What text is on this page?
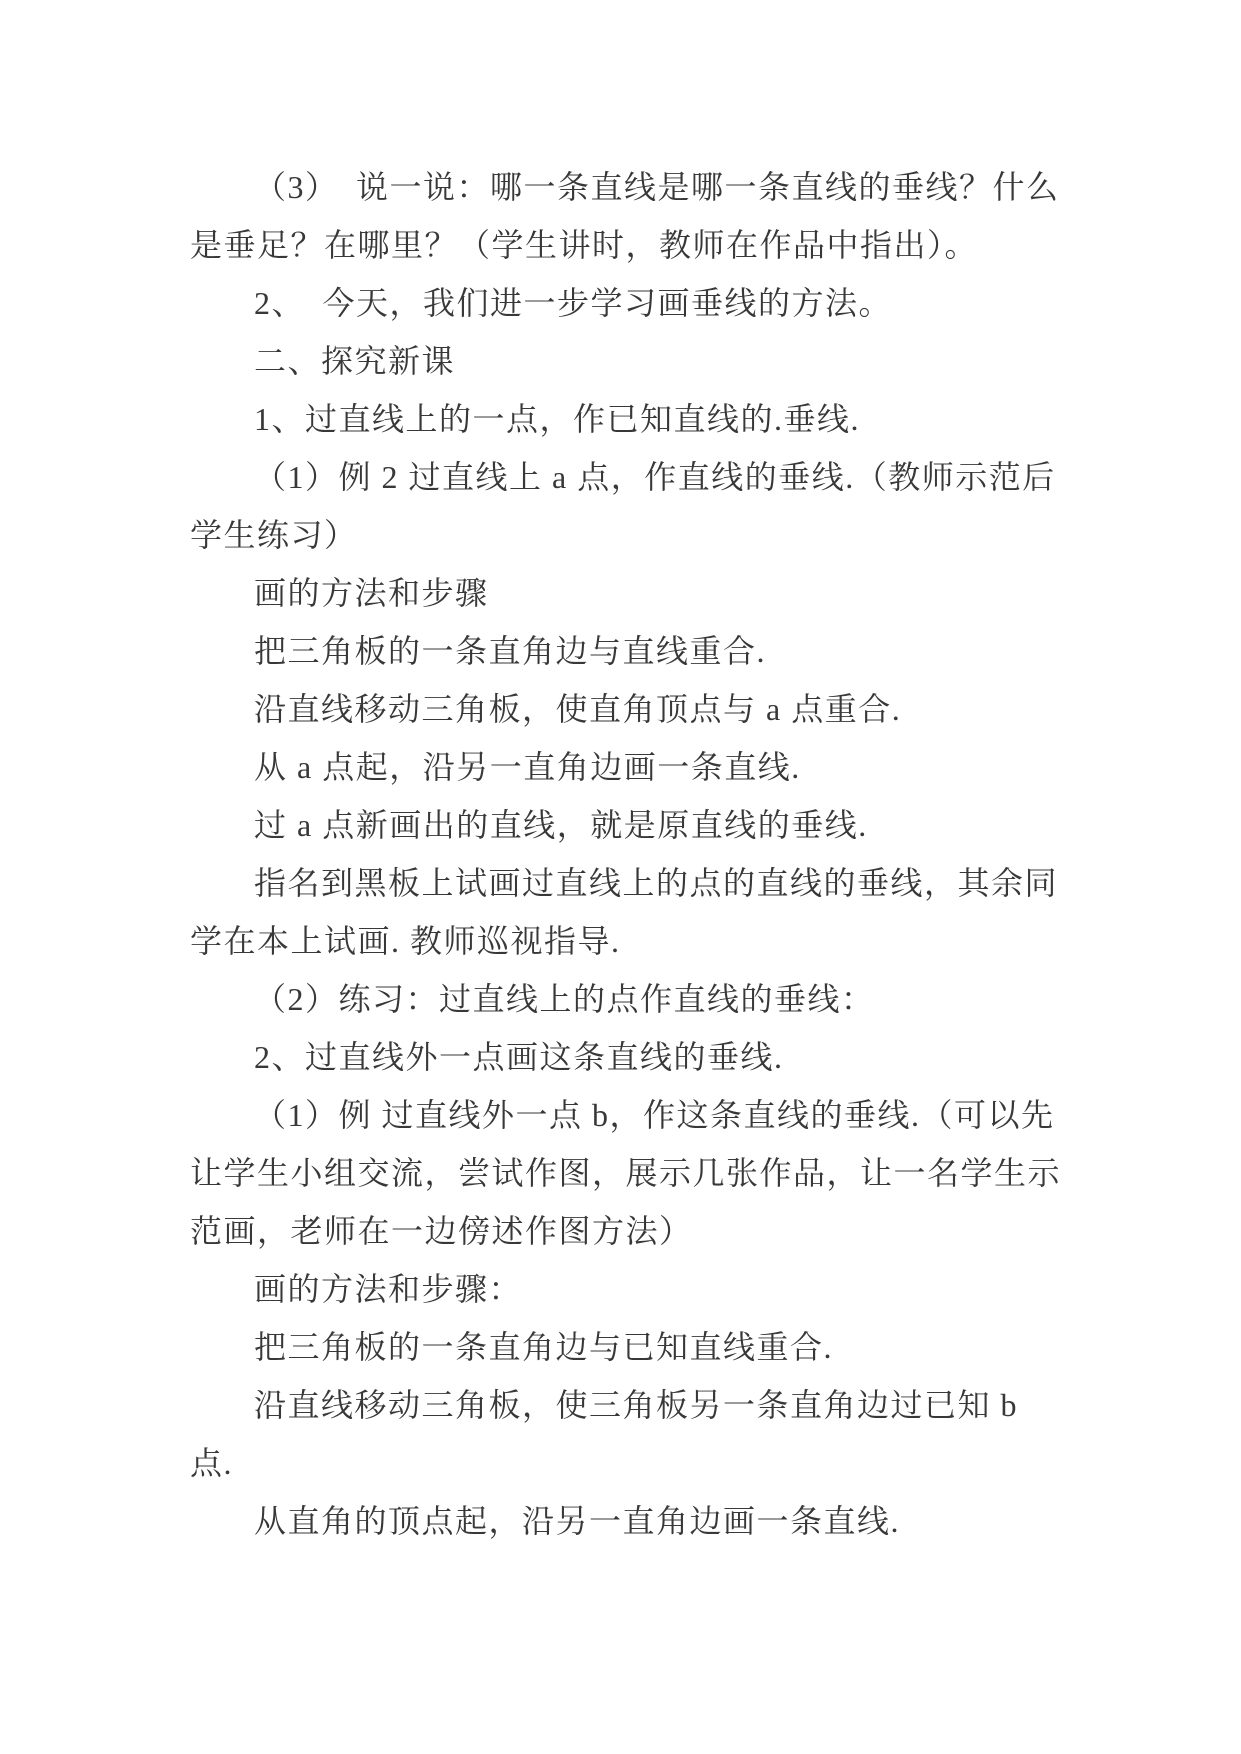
（3）　说一说：哪一条直线是哪一条直线的垂线？什么
是垂足？在哪里？（学生讲时，教师在作品中指出）。
2、　今天，我们进一步学习画垂线的方法。
二、探究新课
1、过直线上的一点，作已知直线的.垂线.
（1）例 2 过直线上 a 点，作直线的垂线.（教师示范后
学生练习）
画的方法和步骤
把三角板的一条直角边与直线重合.
沿直线移动三角板，使直角顶点与 a 点重合.
从 a 点起，沿另一直角边画一条直线.
过 a 点新画出的直线，就是原直线的垂线.
指名到黑板上试画过直线上的点的直线的垂线，其余同
学在本上试画. 教师巡视指导.
（2）练习：过直线上的点作直线的垂线：
2、过直线外一点画这条直线的垂线.
（1）例 过直线外一点 b，作这条直线的垂线.（可以先
让学生小组交流，尝试作图，展示几张作品，让一名学生示
范画，老师在一边傍述作图方法）
画的方法和步骤：
把三角板的一条直角边与已知直线重合.
沿直线移动三角板，使三角板另一条直角边过已知 b
点.
从直角的顶点起，沿另一直角边画一条直线.
